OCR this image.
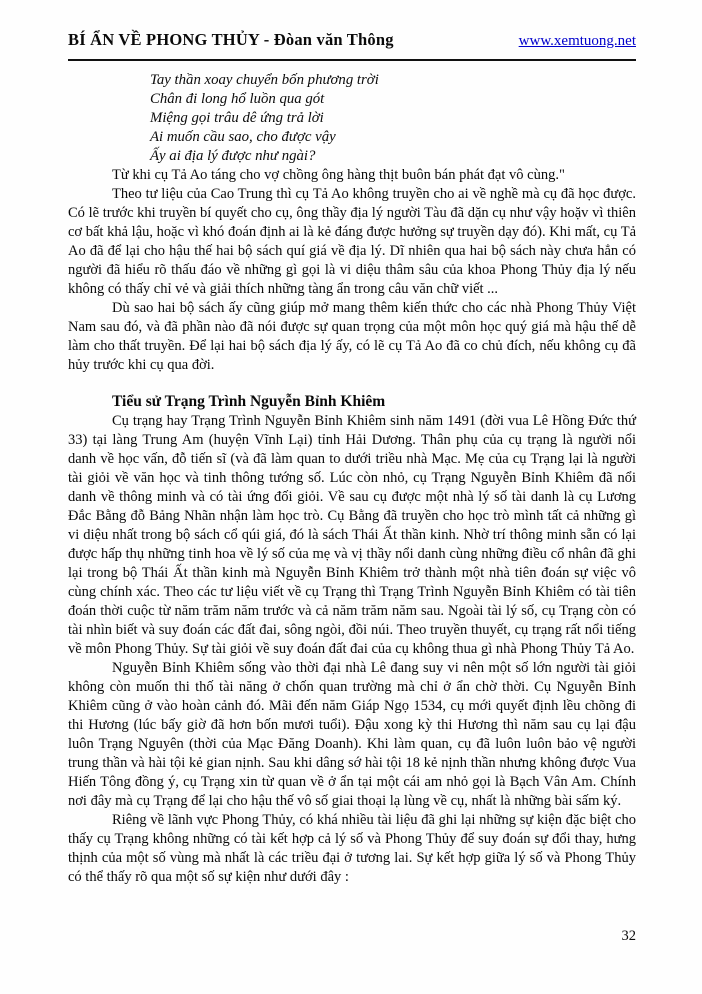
BÍ ẨN VỀ PHONG THỦY - Đòan văn Thông	www.xemtuong.net
Tay thần xoay chuyển bốn phương trời
Chân đi long hổ luồn qua gót
Miệng gọi trâu dê ứng trả lời
Ai muốn cầu sao, cho được vậy
Ấy ai địa lý được như ngài?

Từ khi cụ Tả Ao táng cho vợ chồng ông hàng thịt buôn bán phát đạt vô cùng."

Theo tư liệu của Cao Trung thì cụ Tả Ao không truyền cho ai về nghề mà cụ đã học được. Có lẽ trước khi truyền bí quyết cho cụ, ông thầy địa lý người Tàu đã dặn cụ như vậy hoặv vì thiên cơ bất khả lậu, hoặc vì khó đoán định ai là kẻ đáng được hưởng sự truyền dạy đó). Khi mất, cụ Tả Ao đã để lại cho hậu thế hai bộ sách quí giá về địa lý. Dĩ nhiên qua hai bộ sách này chưa hẳn có người đã hiểu rõ thấu đáo về những gì gọi là vi diệu thâm sâu của khoa Phong Thủy địa lý nếu không có thấy chỉ vẻ và giải thích những tàng ẩn trong câu văn chữ viết ...

Dù sao hai bộ sách ấy cũng giúp mở mang thêm kiến thức cho các nhà Phong Thủy Việt Nam sau đó, và đã phần nào đã nói được sự quan trọng của một môn học quý giá mà hậu thế dễ làm cho thất truyền. Để lại hai bộ sách địa lý ấy, có lẽ cụ Tả Ao đã co chủ đích, nếu không cụ đã hủy trước khi cụ qua đời.

Tiểu sử Trạng Trình Nguyễn Bỉnh Khiêm

Cụ trạng hay Trạng Trình Nguyễn Bỉnh Khiêm sinh năm 1491 (đời vua Lê Hồng Đức thứ 33) tại làng Trung Am (huyện Vĩnh Lại) tỉnh Hải Dương. Thân phụ của cụ trạng là người nổi danh về học vấn, đỗ tiến sĩ (và đã làm quan to dưới triều nhà Mạc. Mẹ của cụ Trạng lại là người tài giỏi về văn học và tinh thông tướng số. Lúc còn nhỏ, cụ Trạng Nguyễn Bỉnh Khiêm đã nổi danh về thông minh và có tài ứng đối giỏi. Về sau cụ được một nhà lý số tài danh là cụ Lương Đắc Bằng đỗ Bảng Nhãn nhận làm học trò. Cụ Bằng đã truyền cho học trò mình tất cả những gì vi diệu nhất trong bộ sách cổ qúi giá, đó là sách Thái Ất thần kinh. Nhờ trí thông minh sẵn có lại được hấp thụ những tinh hoa về lý số của mẹ và vị thầy nổi danh cùng những điều cổ nhân đã ghi lại trong bộ Thái Ất thần kinh mà Nguyễn Bỉnh Khiêm trở thành một nhà tiên đoán sự việc vô cùng chính xác. Theo các tư liệu viết về cụ Trạng thì Trạng Trình Nguyễn Bỉnh Khiêm có tài tiên đoán thời cuộc từ năm trăm năm trước và cả năm trăm năm sau. Ngoài tài lý số, cụ Trạng còn có tài nhìn biết và suy đoán các đất đai, sông ngòi, đồi núi. Theo truyền thuyết, cụ trạng rất nổi tiếng về môn Phong Thủy. Sự tài giỏi về suy đoán đất đai của cụ không thua gì nhà Phong Thủy Tả Ao.

Nguyễn Bỉnh Khiêm sống vào thời đại nhà Lê đang suy vi nên một số lớn người tài giỏi không còn muốn thi thố tài năng ở chốn quan trường mà chỉ ở ẩn chờ thời. Cụ Nguyễn Bỉnh Khiêm cũng ở vào hoàn cảnh đó. Mãi đến năm Giáp Ngọ 1534, cụ mới quyết định lều chõng đi thi Hương (lúc bấy giờ đã hơn bốn mươi tuổi). Đậu xong kỳ thi Hương thì năm sau cụ lại đậu luôn Trạng Nguyên (thời của Mạc Đăng Doanh). Khi làm quan, cụ đã luôn luôn bảo vệ người trung thần và hài tội kẻ gian nịnh. Sau khi dâng sớ hài tội 18 kẻ nịnh thần nhưng không được Vua Hiến Tông đồng ý, cụ Trạng xin từ quan về ở ẩn tại một cái am nhỏ gọi là Bạch Vân Am. Chính nơi đây mà cụ Trạng để lại cho hậu thế vô số giai thoại lạ lùng về cụ, nhất là những bài sấm ký.

Riêng về lãnh vực Phong Thủy, có khá nhiều tài liệu đã ghi lại những sự kiện đặc biệt cho thấy cụ Trạng không những có tài kết hợp cả lý số và Phong Thủy để suy đoán sự đổi thay, hưng thịnh của một số vùng mà nhất là các triều đại ở tương lai. Sự kết hợp giữa lý số và Phong Thủy có thể thấy rõ qua một số sự kiện như dưới đây :

32
